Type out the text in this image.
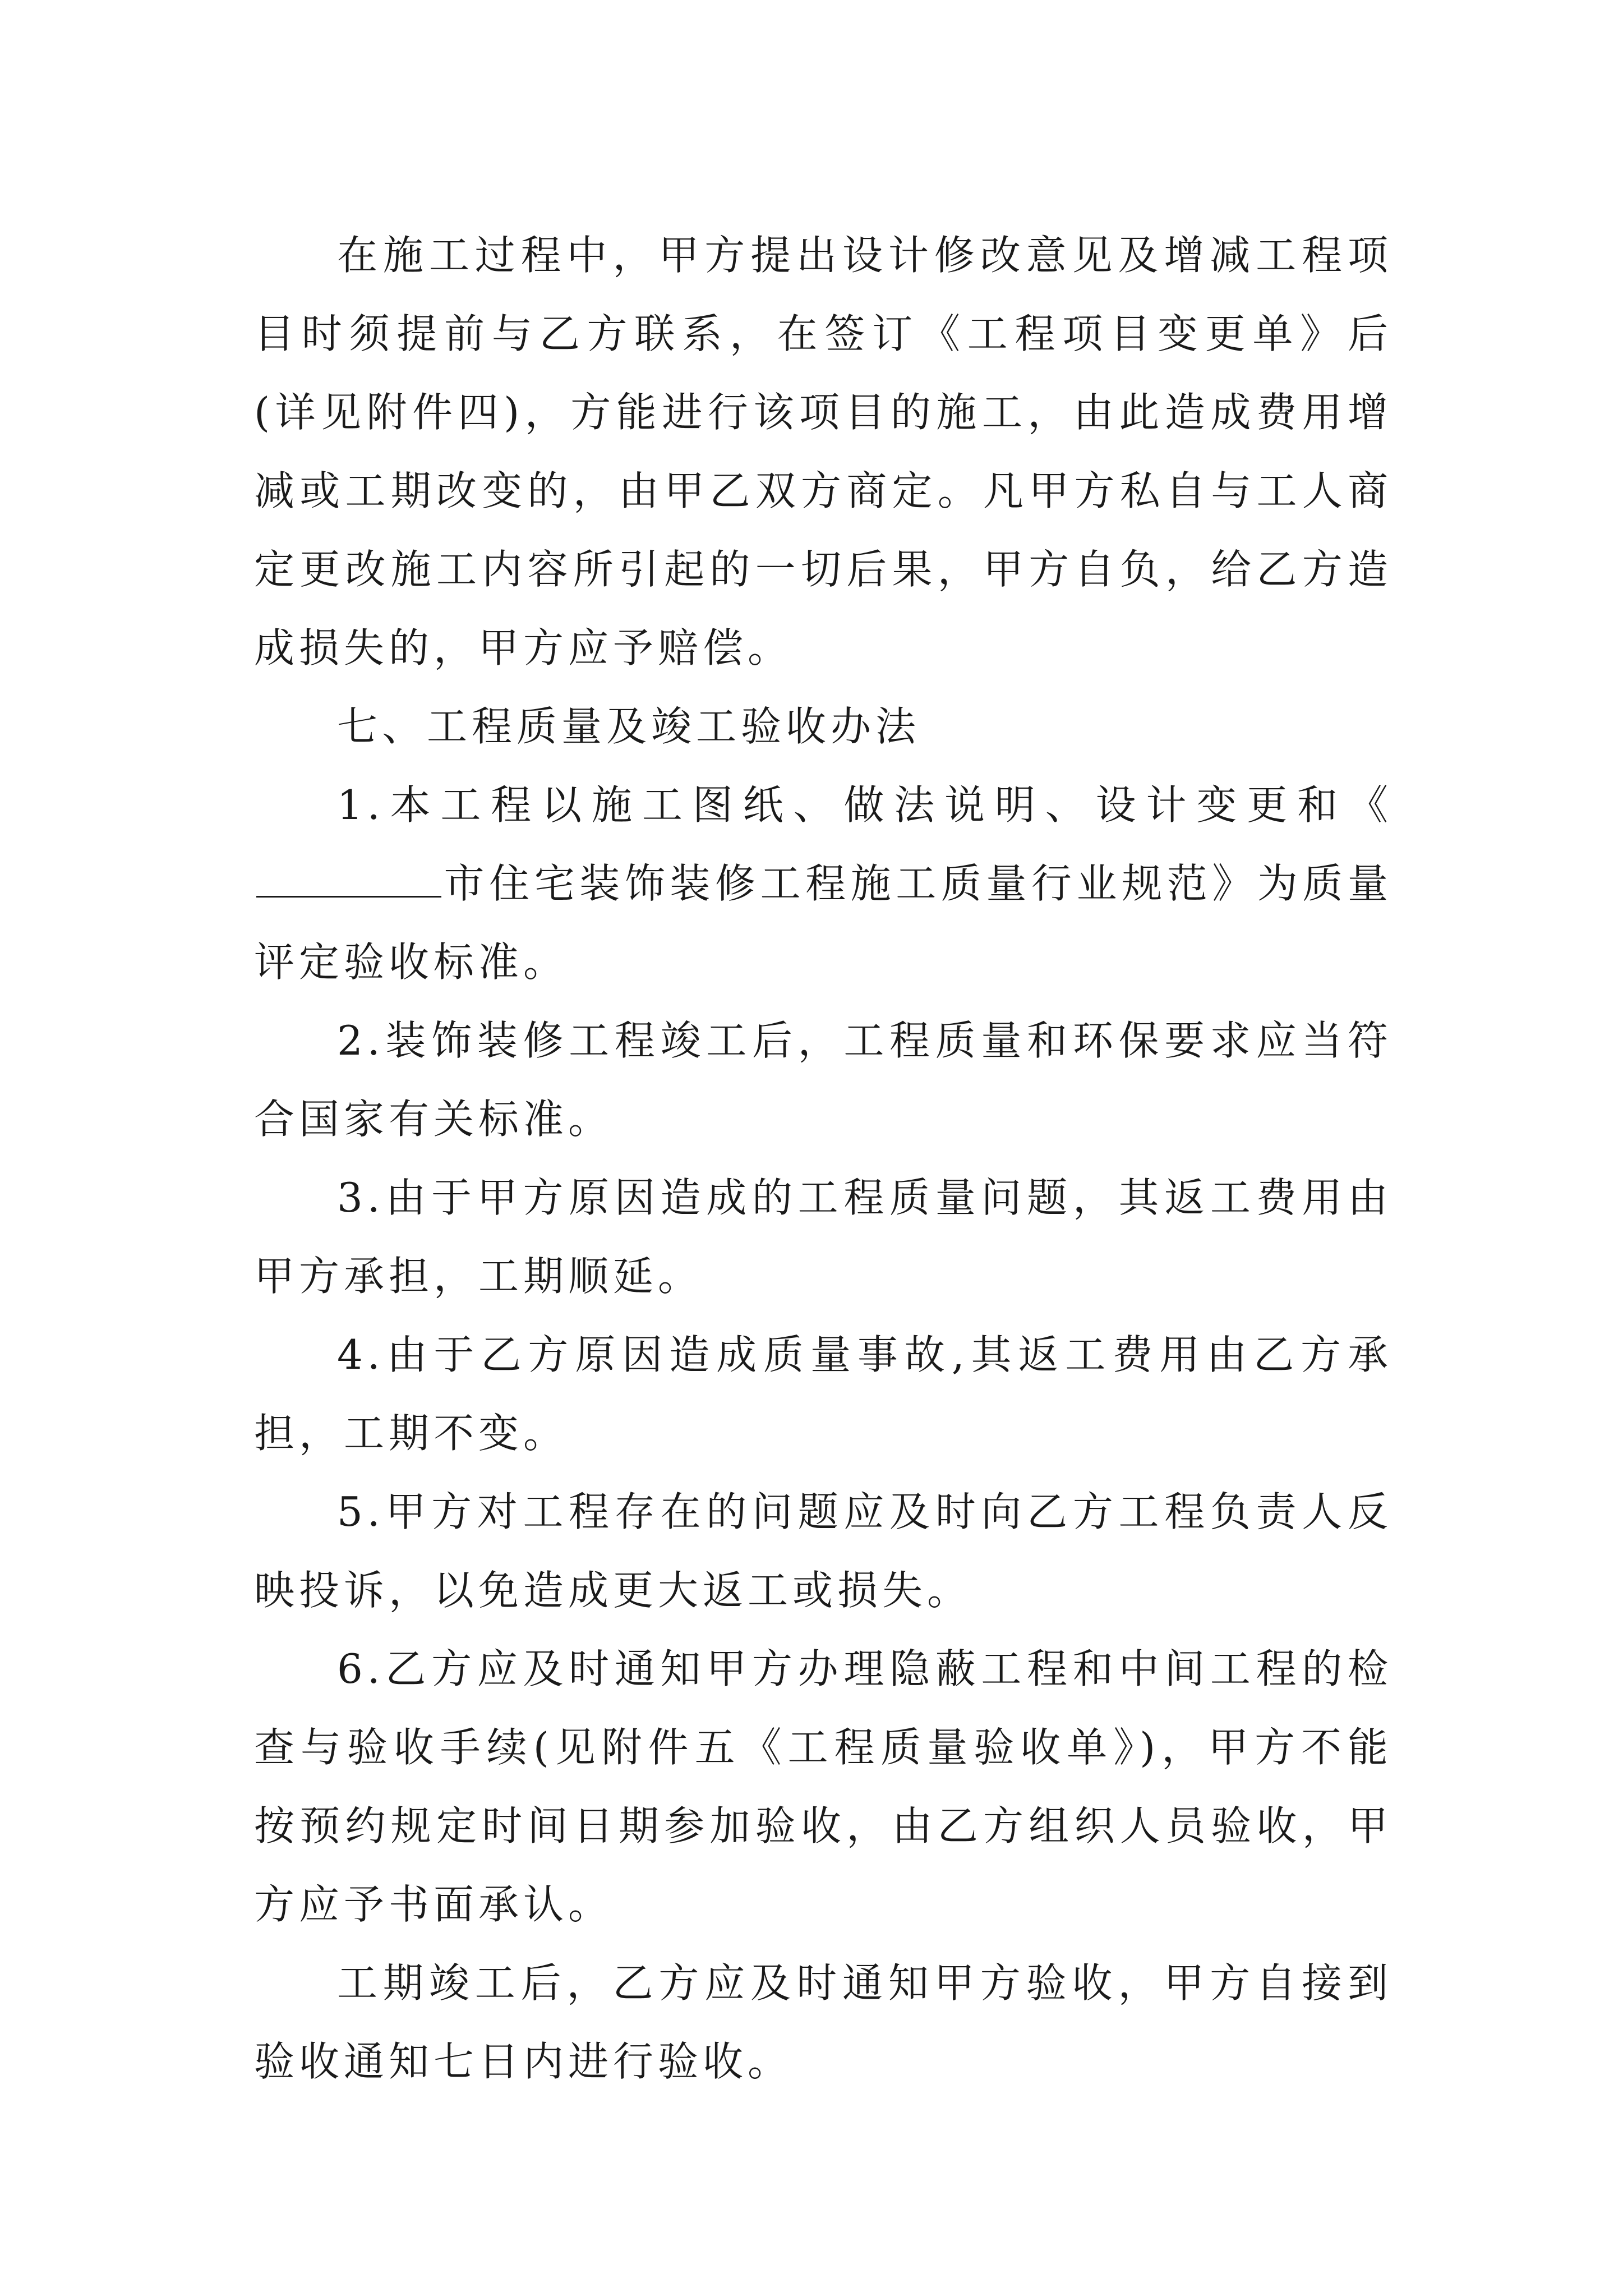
在施工过程中，甲方提出设计修改意见及增减工程项目时须提前与乙方联系，在签订《工程项目变更单》后(详见附件四)，方能进行该项目的施工，由此造成费用增减或工期改变的，由甲乙双方商定。凡甲方私自与工人商定更改施工内容所引起的一切后果，甲方自负，给乙方造成损失的，甲方应予赔偿。

七、工程质量及竣工验收办法

1.本工程以施工图纸、做法说明、设计变更和《市住宅装饰装修工程施工质量行业规范》为质量评定验收标准。

2.装饰装修工程竣工后，工程质量和环保要求应当符合国家有关标准。

3.由于甲方原因造成的工程质量问题，其返工费用由甲方承担，工期顺延。

4.由于乙方原因造成质量事故,其返工费用由乙方承担，工期不变。

5.甲方对工程存在的问题应及时向乙方工程负责人反映投诉，以免造成更大返工或损失。

6.乙方应及时通知甲方办理隐蔽工程和中间工程的检查与验收手续(见附件五《工程质量验收单》)，甲方不能按预约规定时间日期参加验收，由乙方组织人员验收，甲方应予书面承认。

工期竣工后，乙方应及时通知甲方验收，甲方自接到验收通知七日内进行验收。
